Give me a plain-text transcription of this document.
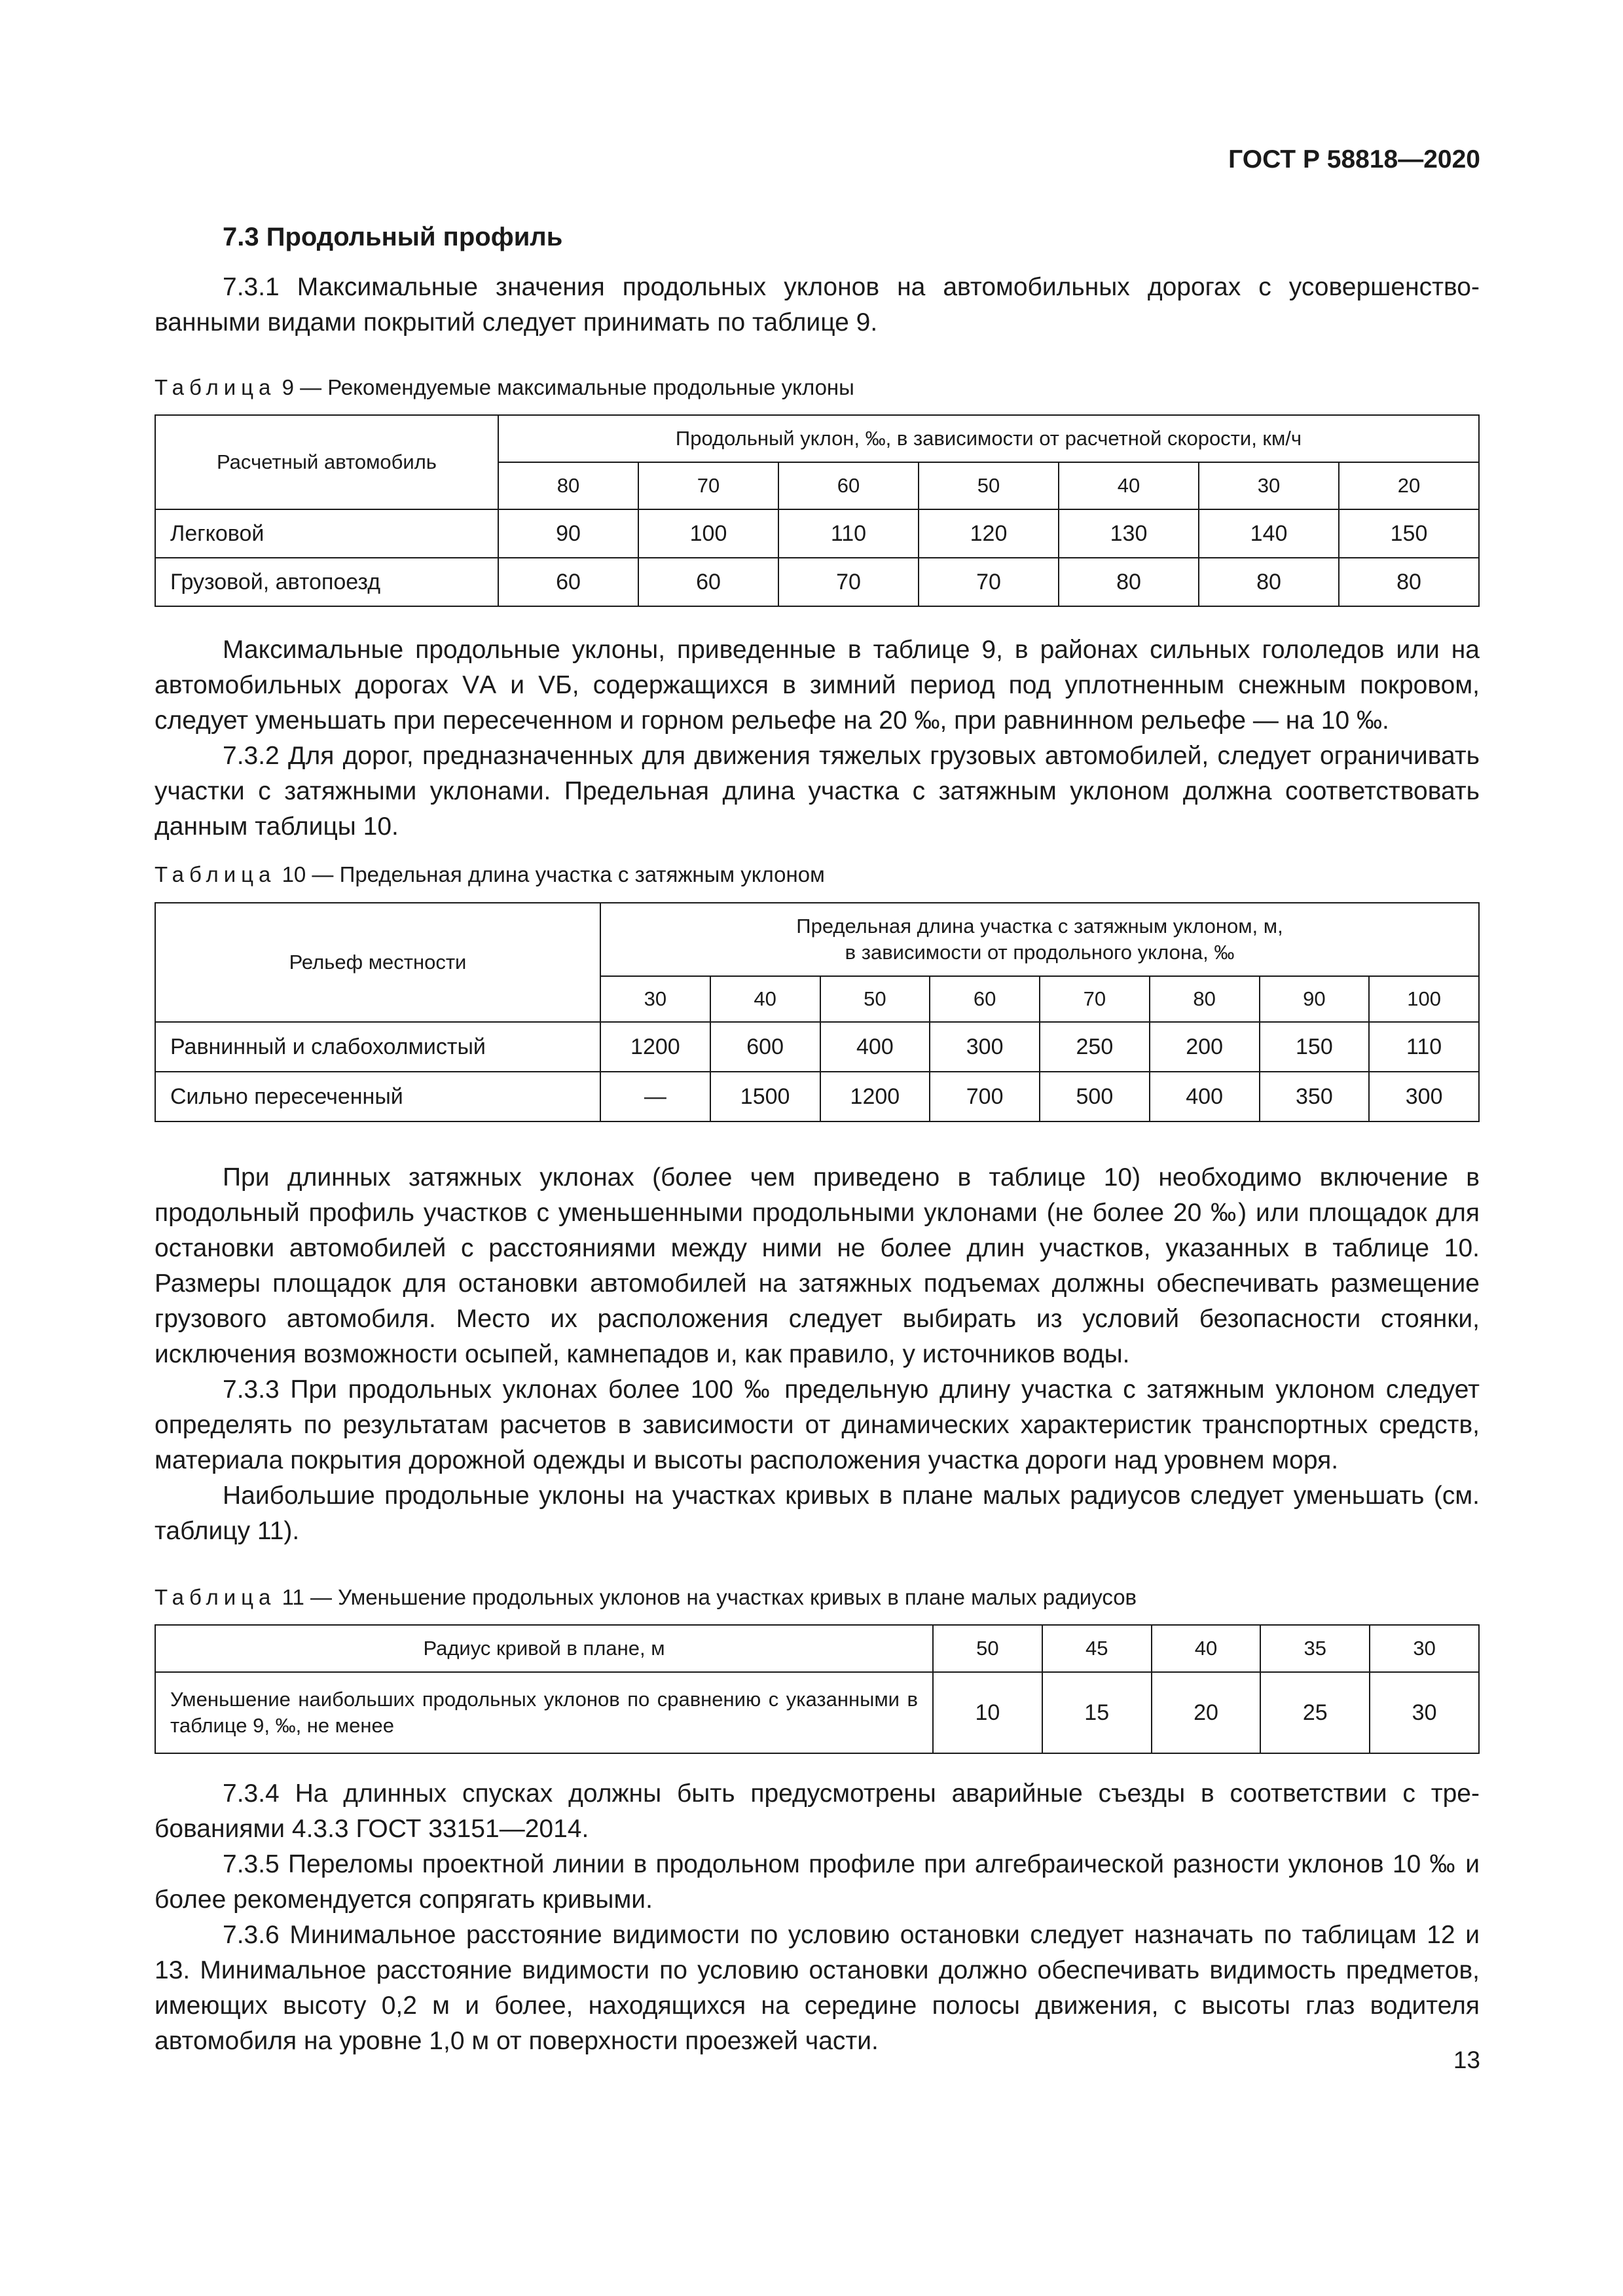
ГОСТ Р 58818—2020
7.3 Продольный профиль

7.3.1 Максимальные значения продольных уклонов на автомобильных дорогах с усовершенствованными видами покрытий следует принимать по таблице 9.

Таблица 9 — Рекомендуемые максимальные продольные уклоны
Расчетный автомобиль	Продольный уклон, ‰, в зависимости от расчетной скорости, км/ч						
	80	70	60	50	40	30	20
Легковой	90	100	110	120	130	140	150
Грузовой, автопоезд	60	60	70	70	80	80	80

Максимальные продольные уклоны, приведенные в таблице 9, в районах сильных гололедов или на автомобильных дорогах VА и VБ, содержащихся в зимний период под уплотненным снежным покровом, следует уменьшать при пересеченном и горном рельефе на 20 ‰, при равнинном рельефе — на 10 ‰.

7.3.2 Для дорог, предназначенных для движения тяжелых грузовых автомобилей, следует ограничивать участки с затяжными уклонами. Предельная длина участка с затяжным уклоном должна соответствовать данным таблицы 10.

Таблица 10 — Предельная длина участка с затяжным уклоном
Рельеф местности	Предельная длина участка с затяжным уклоном, м,
в зависимости от продольного уклона, ‰							

	30	40	50	60	70	80	90	100
Равнинный и слабохолмистый	1200	600	400	300	250	200	150	110
Сильно пересеченный	—	1500	1200	700	500	400	350	300

При длинных затяжных уклонах (более чем приведено в таблице 10) необходимо включение в продольный профиль участков с уменьшенными продольными уклонами (не более 20 ‰) или площадок для остановки автомобилей с расстояниями между ними не более длин участков, указанных в таблице 10. Размеры площадок для остановки автомобилей на затяжных подъемах должны обеспечивать размещение грузового автомобиля. Место их расположения следует выбирать из условий безопасности стоянки, исключения возможности осыпей, камнепадов и, как правило, у источников воды.

7.3.3 При продольных уклонах более 100 ‰ предельную длину участка с затяжным уклоном следует определять по результатам расчетов в зависимости от динамических характеристик транспортных средств, материала покрытия дорожной одежды и высоты расположения участка дороги над уровнем моря.

Наибольшие продольные уклоны на участках кривых в плане малых радиусов следует уменьшать (см. таблицу 11).

Таблица 11 — Уменьшение продольных уклонов на участках кривых в плане малых радиусов
Радиус кривой в плане, м	50	45	40	35	30
Уменьшение наибольших продольных уклонов по сравнению с указанными в таблице 9, ‰, не менее	10	15	20	25	30

7.3.4 На длинных спусках должны быть предусмотрены аварийные съезды в соответствии с требованиями 4.3.3 ГОСТ 33151—2014.

7.3.5 Переломы проектной линии в продольном профиле при алгебраической разности уклонов 10 ‰ и более рекомендуется сопрягать кривыми.

7.3.6 Минимальное расстояние видимости по условию остановки следует назначать по таблицам 12 и 13. Минимальное расстояние видимости по условию остановки должно обеспечивать видимость предметов, имеющих высоту 0,2 м и более, находящихся на середине полосы движения, с высоты глаз водителя автомобиля на уровне 1,0 м от поверхности проезжей части.

13
